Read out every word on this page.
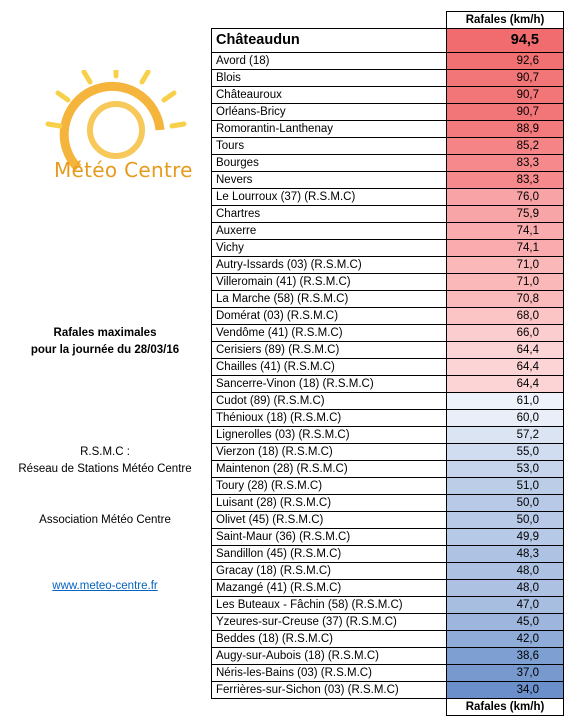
Météo Centre
Rafales maximales
pour la journée du 28/03/16
R.S.M.C :
Réseau de Stations Météo Centre
Association Météo Centre
www.meteo-centre.fr
	Rafales (km/h)
Châteaudun	94,5
Avord (18)	92,6
Blois	90,7
Châteauroux	90,7
Orléans-Bricy	90,7
Romorantin-Lanthenay	88,9
Tours	85,2
Bourges	83,3
Nevers	83,3
Le Lourroux (37) (R.S.M.C)	76,0
Chartres	75,9
Auxerre	74,1
Vichy	74,1
Autry-Issards (03) (R.S.M.C)	71,0
Villeromain (41) (R.S.M.C)	71,0
La Marche (58) (R.S.M.C)	70,8
Domérat (03) (R.S.M.C)	68,0
Vendôme (41) (R.S.M.C)	66,0
Cerisiers (89) (R.S.M.C)	64,4
Chailles (41) (R.S.M.C)	64,4
Sancerre-Vinon (18) (R.S.M.C)	64,4
Cudot (89) (R.S.M.C)	61,0
Thénioux (18) (R.S.M.C)	60,0
Lignerolles (03) (R.S.M.C)	57,2
Vierzon (18) (R.S.M.C)	55,0
Maintenon (28) (R.S.M.C)	53,0
Toury (28) (R.S.M.C)	51,0
Luisant (28) (R.S.M.C)	50,0
Olivet (45) (R.S.M.C)	50,0
Saint-Maur (36) (R.S.M.C)	49,9
Sandillon (45) (R.S.M.C)	48,3
Gracay (18) (R.S.M.C)	48,0
Mazangé (41) (R.S.M.C)	48,0
Les Buteaux - Fâchin (58) (R.S.M.C)	47,0
Yzeures-sur-Creuse (37) (R.S.M.C)	45,0
Beddes (18) (R.S.M.C)	42,0
Augy-sur-Aubois (18) (R.S.M.C)	38,6
Néris-les-Bains (03) (R.S.M.C)	37,0
Ferrières-sur-Sichon (03) (R.S.M.C)	34,0
	Rafales (km/h)
